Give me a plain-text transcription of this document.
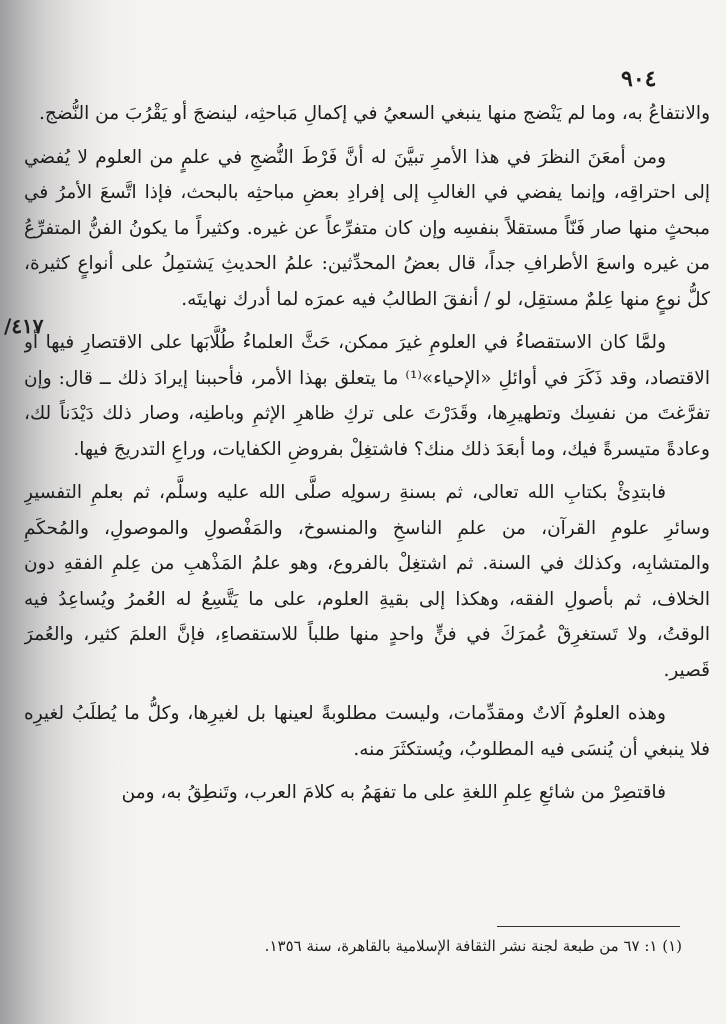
٩٠٤
/٤١٧

والانتفاعُ به، وما لم يَنْضج منها ينبغي السعيُ في إكمالِ مَباحثِه، لينضجَ أو يَقْرُبَ من النُّضج.

ومن أمعَنَ النظرَ في هذا الأمرِ تبيَّنَ له أنَّ فَرْطَ النُّضجِ في علمٍ من العلوم لا يُفضي إلى احتراقِه، وإنما يفضي في الغالبِ إلى إفرادِ بعضِ مباحثِه بالبحث، فإذا اتَّسعَ الأمرُ في مبحثٍ منها صار فَنّاً مستقلاً بنفسِه وإن كان متفرِّعاً عن غيره. وكثيراً ما يكونُ الفنُّ المتفرِّعُ من غيره واسعَ الأطرافِ جداً، قال بعضُ المحدِّثين: علمُ الحديثِ يَشتمِلُ على أنواعٍ كثيرة، كلُّ نوعٍ منها عِلمٌ مستقِل، لو / أنفقَ الطالبُ فيه عمرَه لما أدرك نهايتَه.

ولمَّا كان الاستقصاءُ في العلومِ غيرَ ممكن، حَثَّ العلماءُ طُلَّابَها على الاقتصارِ فيها أو الاقتصاد، وقد ذَكَرَ في أوائلِ «الإحياء»⁽¹⁾ ما يتعلق بهذا الأمر، فأحببنا إيرادَ ذلك ــ قال: وإن تفرَّغتَ من نفسِك وتطهيرِها، وقَدَرْتَ على تركِ ظاهرِ الإثمِ وباطنِه، وصار ذلك دَيْدَناً لك، وعادةً متيسرةً فيك، وما أبعَدَ ذلك منك؟ فاشتغِلْ بفروضِ الكفايات، وراعِ التدريجَ فيها.

فابتدِئْ بكتابِ الله تعالى، ثم بسنةِ رسولِه صلَّى الله عليه وسلَّم، ثم بعلمِ التفسيرِ وسائرِ علومِ القرآن، من علمِ الناسخِ والمنسوخ، والمَفْصولِ والموصولِ، والمُحكَمِ والمتشابِه، وكذلك في السنة. ثم اشتغِلْ بالفروع، وهو علمُ المَذْهبِ من عِلمِ الفقهِ دون الخلاف، ثم بأصولِ الفقه، وهكذا إلى بقيةِ العلوم، على ما يَتَّسِعُ له العُمرُ ويُساعِدُ فيه الوقتُ، ولا تَستغرِقْ عُمرَكَ في فنٍّ واحدٍ منها طلباً للاستقصاءِ، فإنَّ العلمَ كثير، والعُمرَ قَصير.

وهذه العلومُ آلاتٌ ومقدِّمات، وليست مطلوبةً لعينها بل لغيرِها، وكلُّ ما يُطلَبُ لغيرِه فلا ينبغي أن يُنسَى فيه المطلوبُ، ويُستكثَرَ منه.

فاقتصِرْ من شائعِ عِلمِ اللغةِ على ما تفهَمُ به كلامَ العرب، وتَنطِقُ به، ومن

(١) ١: ٦٧ من طبعة لجنة نشر الثقافة الإسلامية بالقاهرة، سنة ١٣٥٦.
